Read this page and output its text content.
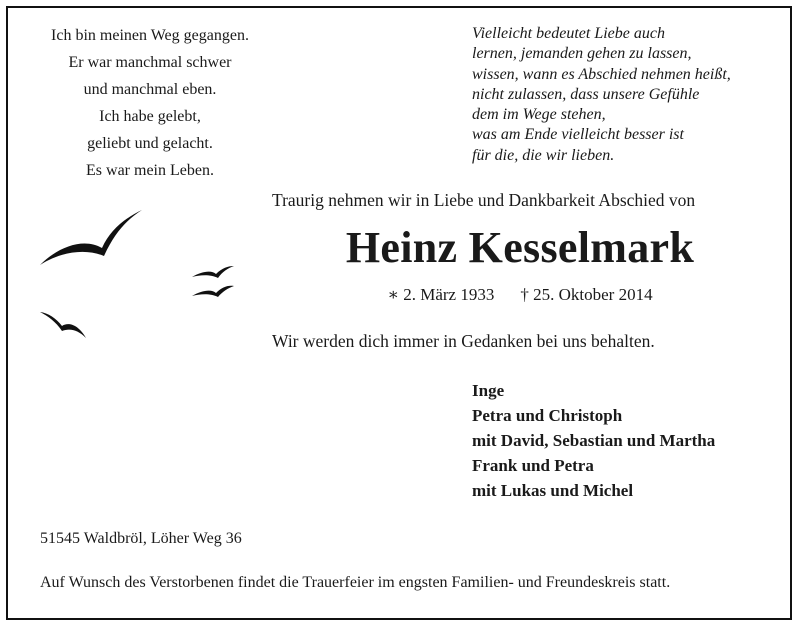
Ich bin meinen Weg gegangen.
Er war manchmal schwer
und manchmal eben.
Ich habe gelebt,
geliebt und gelacht.
Es war mein Leben.
Vielleicht bedeutet Liebe auch
lernen, jemanden gehen zu lassen,
wissen, wann es Abschied nehmen heißt,
nicht zulassen, dass unsere Gefühle
dem im Wege stehen,
was am Ende vielleicht besser ist
für die, die wir lieben.
Traurig nehmen wir in Liebe und Dankbarkeit Abschied von
Heinz Kesselmark
∗ 2. März 1933 † 25. Oktober 2014
Wir werden dich immer in Gedanken bei uns behalten.
Inge
Petra und Christoph
mit David, Sebastian und Martha
Frank und Petra
mit Lukas und Michel
51545 Waldbröl, Löher Weg 36
Auf Wunsch des Verstorbenen findet die Trauerfeier im engsten Familien- und Freundeskreis statt.
